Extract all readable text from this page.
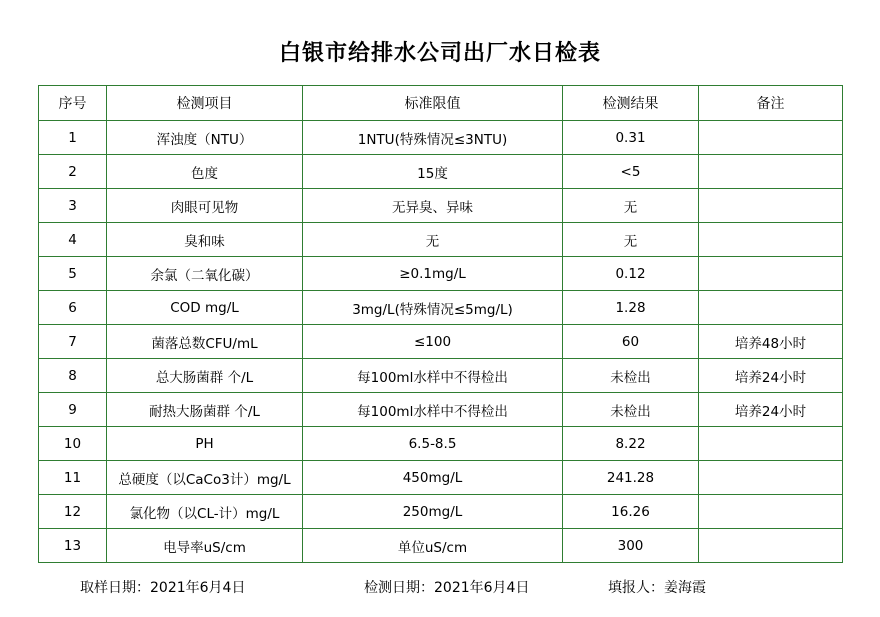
白银市给排水公司出厂水日检表
序号	检测项目	标准限值	检测结果	备注
1	浑浊度（NTU）	1NTU(特殊情况≤3NTU)	0.31	
2	色度	15度	<5	
3	肉眼可见物	无异臭、异味	无	
4	臭和味	无	无	
5	余氯（二氧化碳）	≥0.1mg/L	0.12	
6	COD mg/L	3mg/L(特殊情况≤5mg/L)	1.28	
7	菌落总数CFU/mL	≤100	60	培养48小时
8	总大肠菌群 个/L	每100ml水样中不得检出	未检出	培养24小时
9	耐热大肠菌群 个/L	每100ml水样中不得检出	未检出	培养24小时
10	PH	6.5-8.5	8.22	
11	总硬度（以CaCo3计）mg/L	450mg/L	241.28	
12	氯化物（以CL-计）mg/L	250mg/L	16.26	
13	电导率uS/cm	单位uS/cm	300	
取样日期：2021年6月4日	检测日期：2021年6月4日	填报人：姜海霞
